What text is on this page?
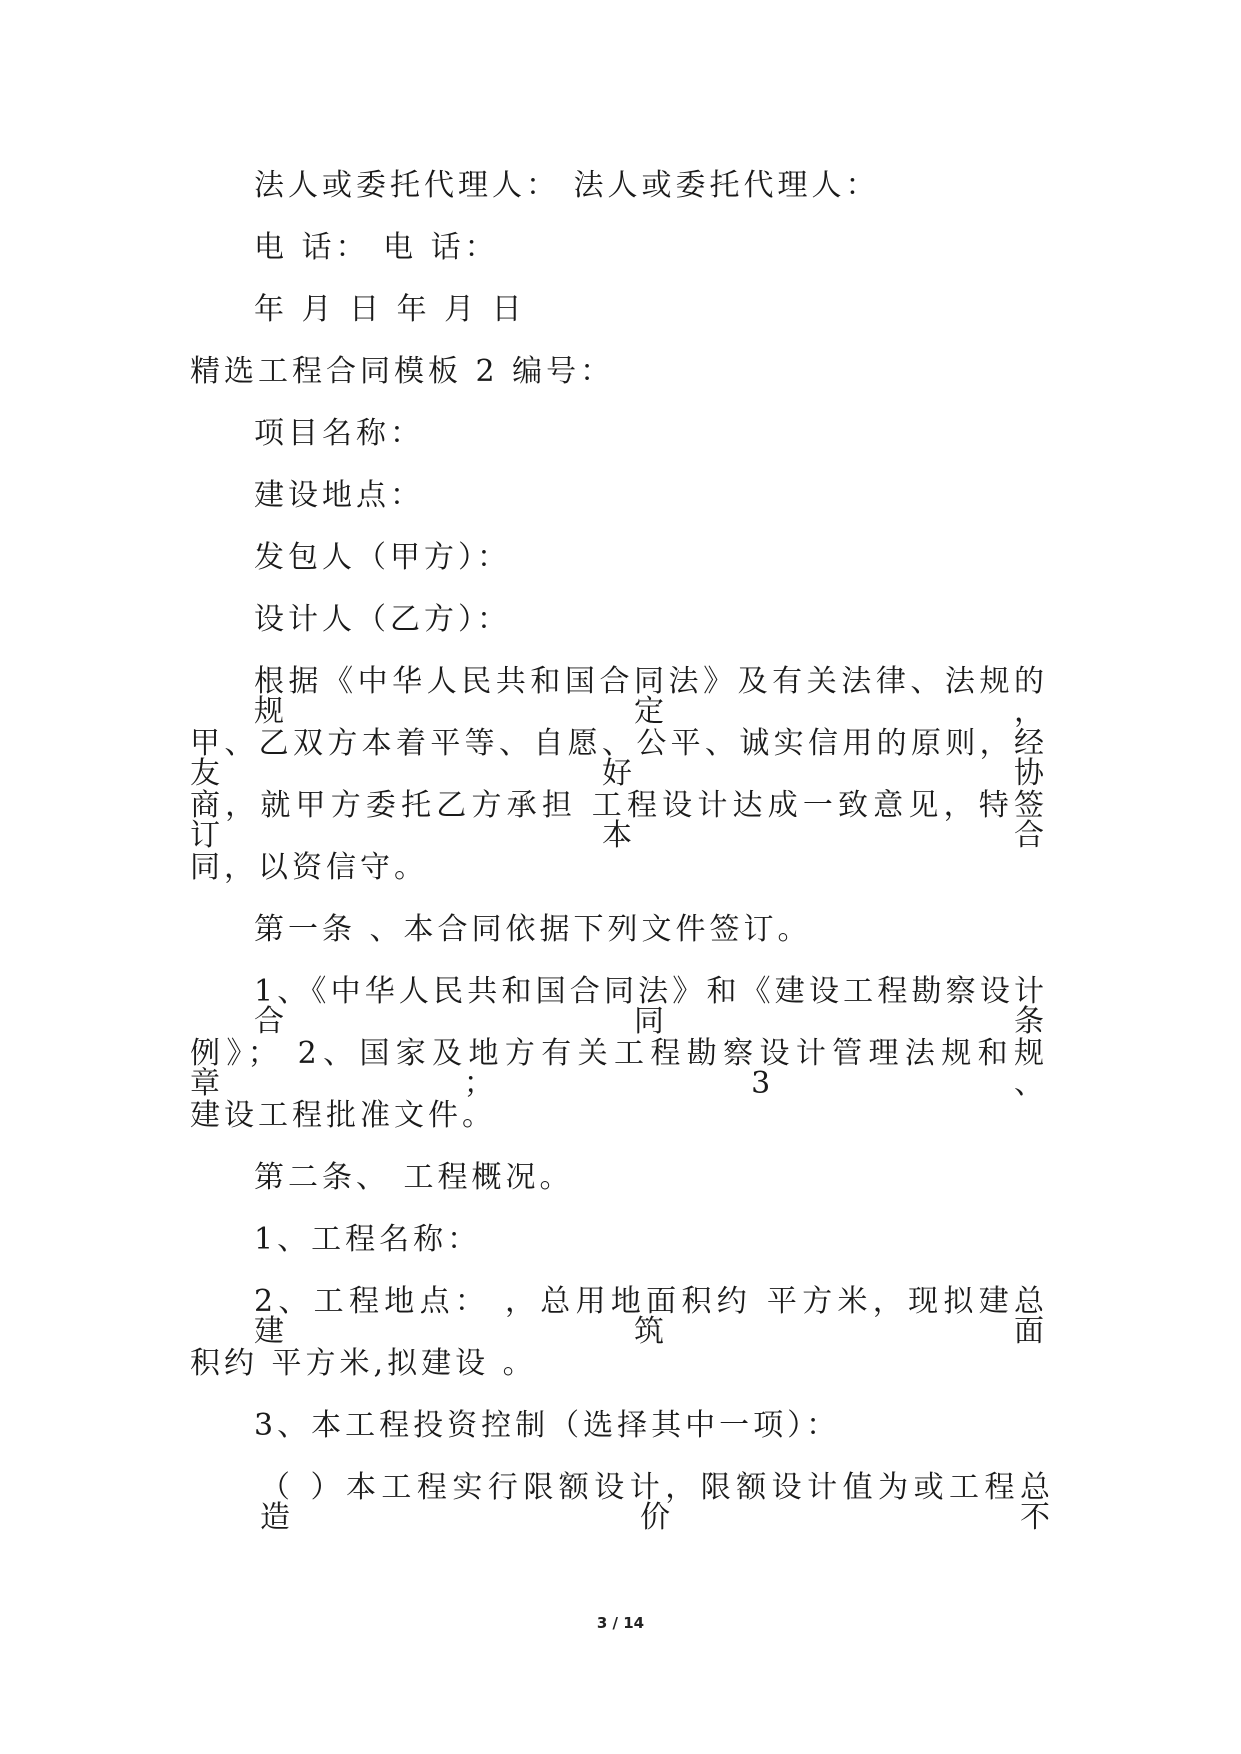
法人或委托代理人： 法人或委托代理人：
电 话： 电 话：
年 月 日 年 月 日
精选工程合同模板 2 编号：
项目名称：
建设地点：
发包人（甲方）：
设计人（乙方）：
根据《中华人民共和国合同法》及有关法律、法规的规定，
甲、乙双方本着平等、自愿、公平、诚实信用的原则，经友好协
商，就甲方委托乙方承担 工程设计达成一致意见，特签订本合
同，以资信守。
第一条 、本合同依据下列文件签订。
1、《中华人民共和国合同法》和《建设工程勘察设计合同条
例》； 2、国家及地方有关工程勘察设计管理法规和规章； 3、
建设工程批准文件。
第二条、 工程概况。
1、工程名称：
2、工程地点： ，总用地面积约 平方米，现拟建总建筑面
积约 平方米,拟建设 。
3、本工程投资控制（选择其中一项）：
（ ）本工程实行限额设计，限额设计值为或工程总造价不
3 / 14
